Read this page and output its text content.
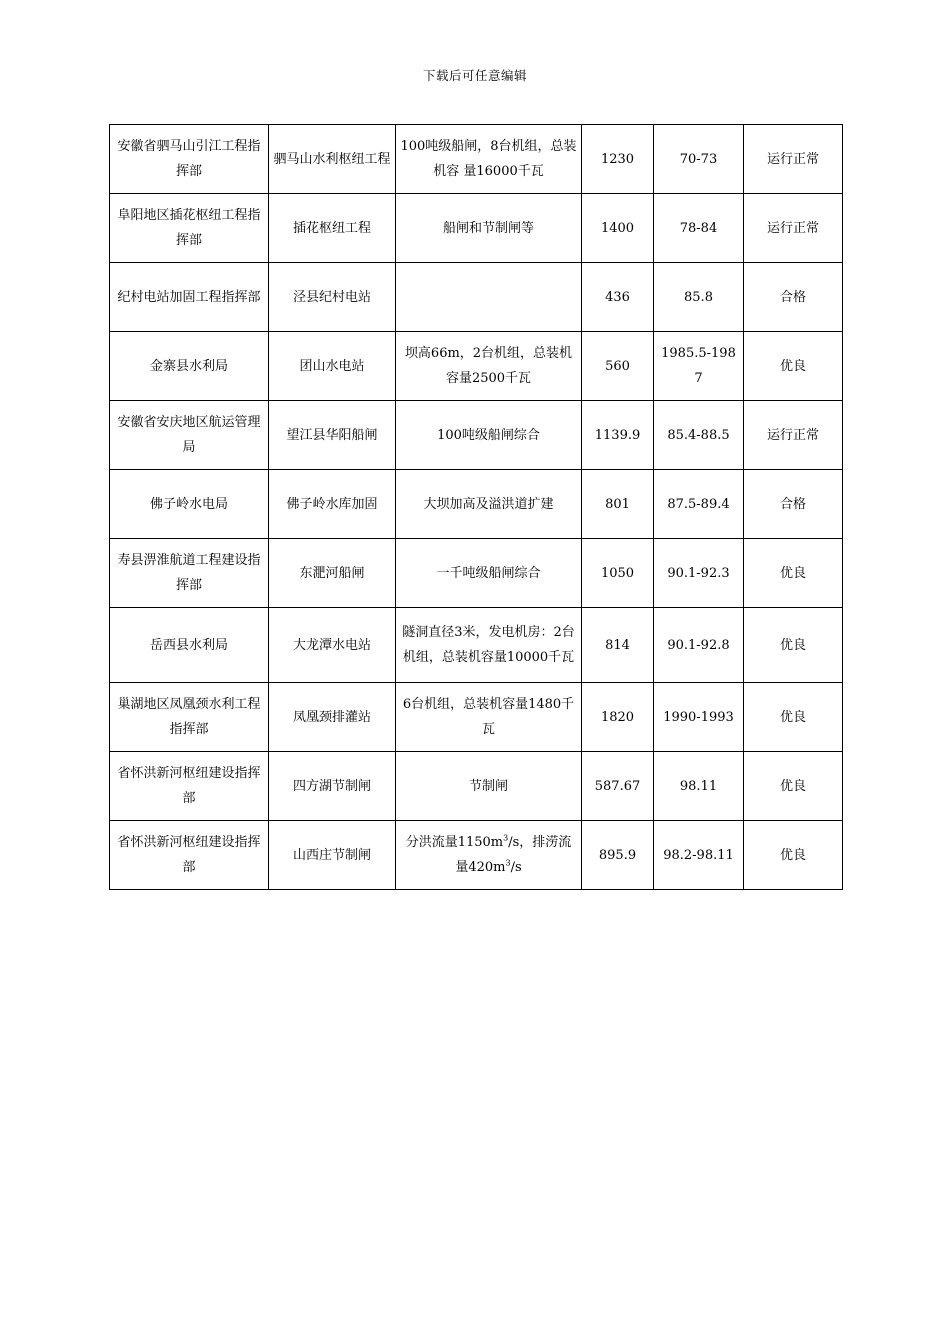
下载后可任意编辑
安徽省驷马山引江工程指挥部	驷马山水利枢纽工程	100吨级船闸，8台机组，总装机容 量16000千瓦	1230	70-73	运行正常
阜阳地区插花枢纽工程指挥部	插花枢纽工程	船闸和节制闸等	1400	78-84	运行正常
纪村电站加固工程指挥部	泾县纪村电站		436	85.8	合格
金寨县水利局	团山水电站	坝高66m，2台机组，总装机容量2500千瓦	560	1985.5-1987	优良
安徽省安庆地区航运管理局	望江县华阳船闸	100吨级船闸综合	1139.9	85.4-88.5	运行正常
佛子岭水电局	佛子岭水库加固	大坝加高及溢洪道扩建	801	87.5-89.4	合格
寿县淠淮航道工程建设指挥部	东淝河船闸	一千吨级船闸综合	1050	90.1-92.3	优良
岳西县水利局	大龙潭水电站	隧洞直径3米，发电机房：2台机组，总装机容量10000千瓦	814	90.1-92.8	优良
巢湖地区凤凰颈水利工程指挥部	凤凰颈排灌站	6台机组，总装机容量1480千瓦	1820	1990-1993	优良
省怀洪新河枢纽建设指挥部	四方湖节制闸	节制闸	587.67	98.11	优良
省怀洪新河枢纽建设指挥部	山西庄节制闸	分洪流量$1150m^3/s$，排涝流量$420m^3/s$	895.9	98.2-98.11	优良
